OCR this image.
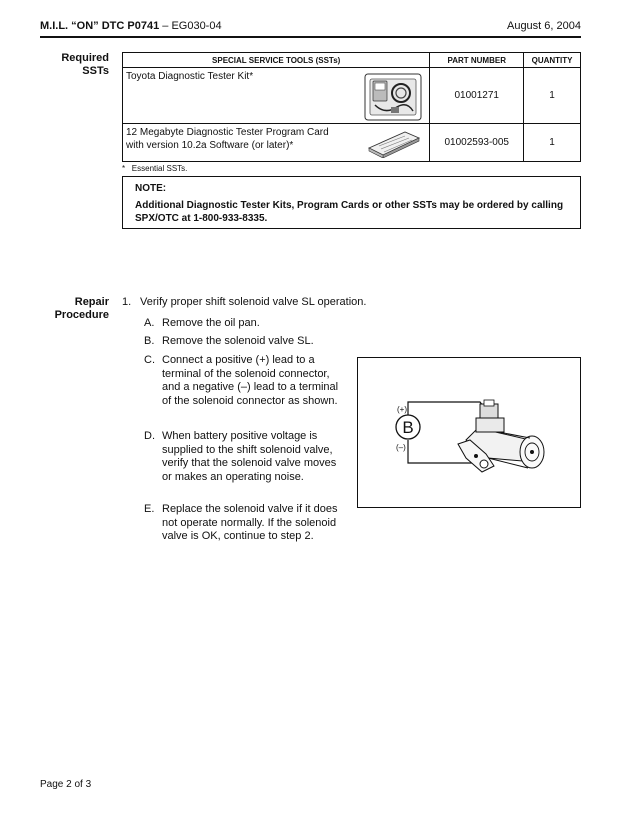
M.I.L. “ON” DTC P0741 – EG030-04	August 6, 2004
Required
SSTs
SPECIAL SERVICE TOOLS (SSTs)	PART NUMBER	QUANTITY

Toyota Diagnostic Tester Kit*	01001271	1

12 Megabyte Diagnostic Tester Program Card
with version 10.2a Software (or later)*	01002593-005	1
* Essential SSTs.
NOTE:
Additional Diagnostic Tester Kits, Program Cards or other SSTs may be ordered by calling SPX/OTC at 1-800-933-8335.
Repair
Procedure
1. Verify proper shift solenoid valve SL operation.
A. Remove the oil pan.
B. Remove the solenoid valve SL.
C. Connect a positive (+) lead to a terminal of the solenoid connector, and a negative (–) lead to a terminal of the solenoid connector as shown.
D. When battery positive voltage is supplied to the shift solenoid valve, verify that the solenoid valve moves or makes an operating noise.
E. Replace the solenoid valve if it does not operate normally. If the solenoid valve is OK, continue to step 2.
B
(+)
(–)
Page 2 of 3
